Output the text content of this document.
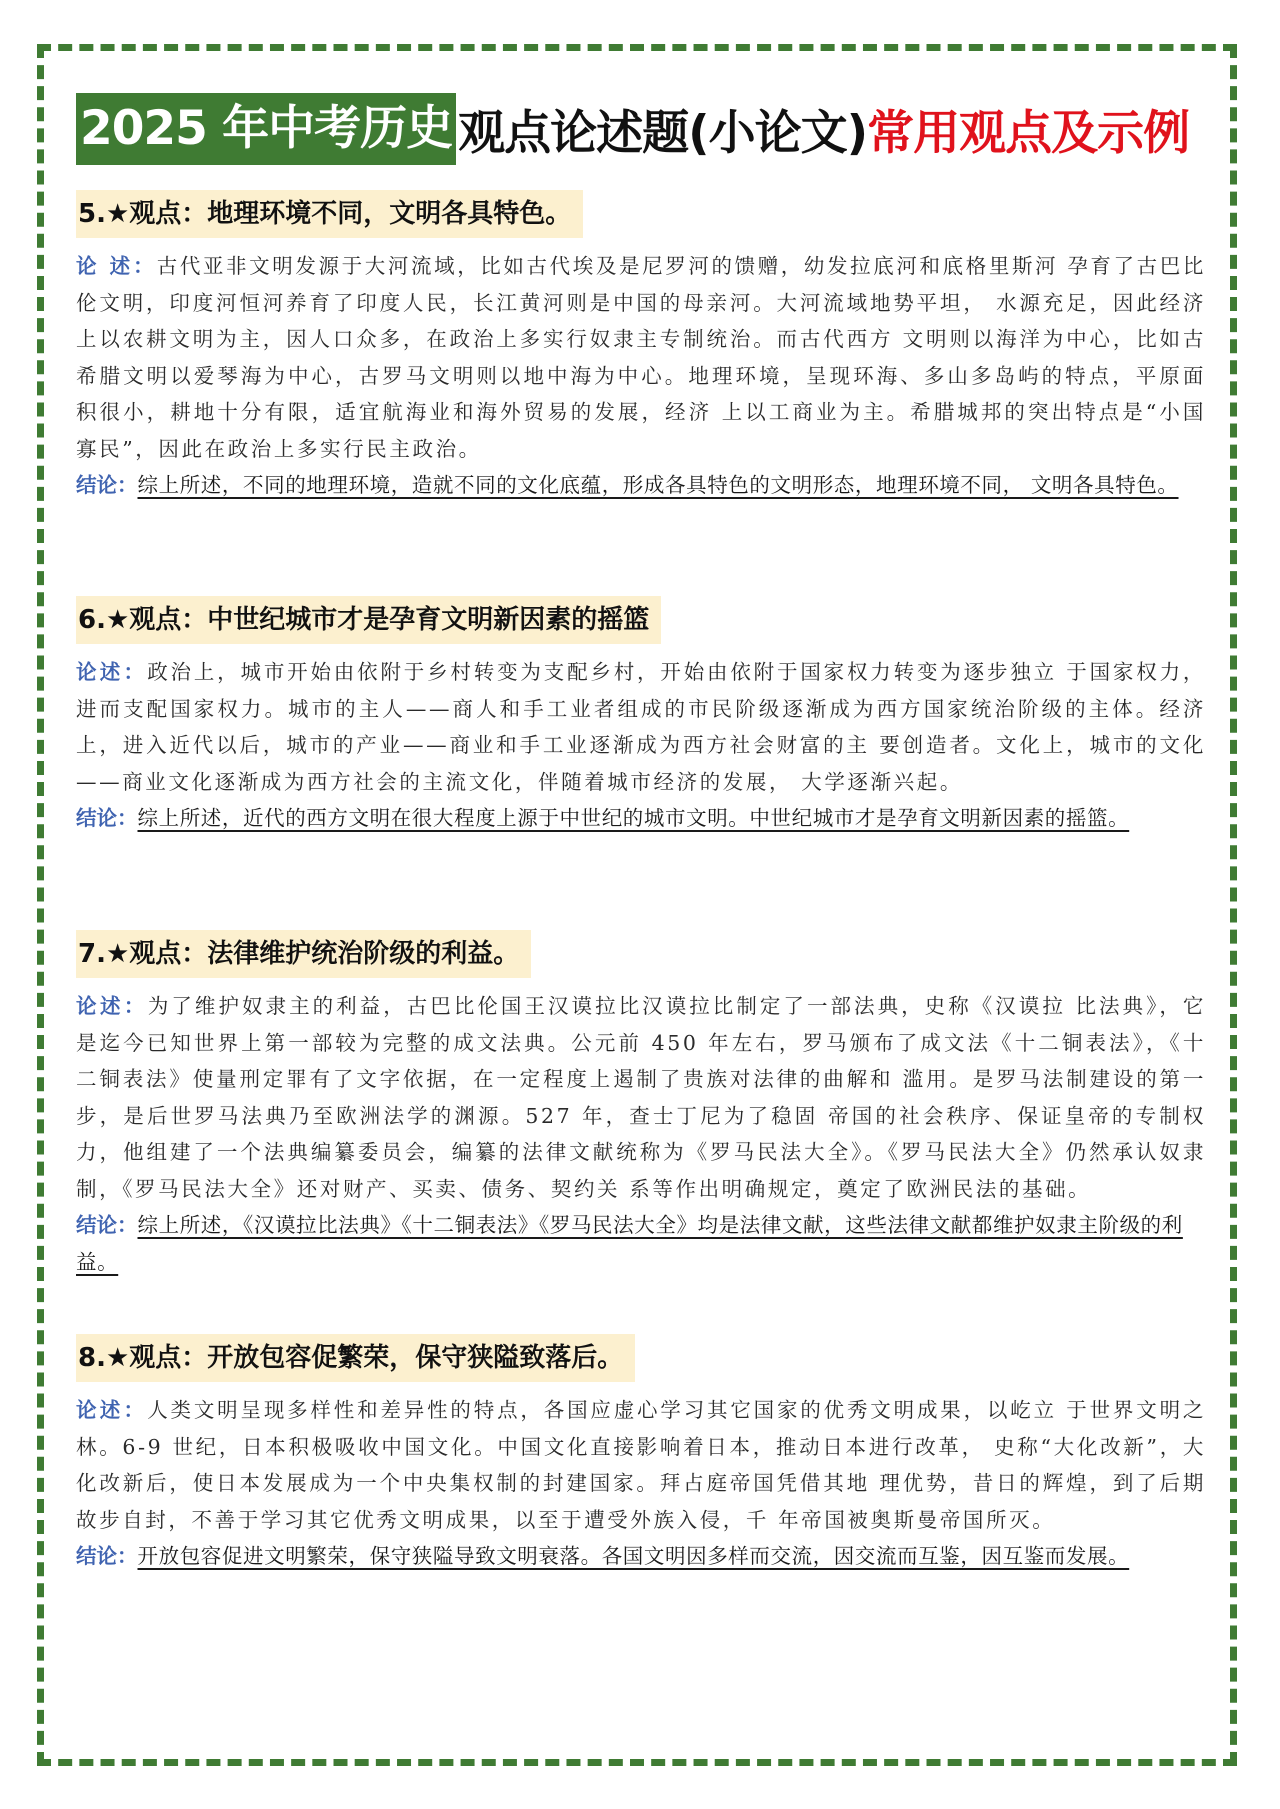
2025 年中考历史 观点论述题(小论文) 常用观点及示例
5.★观点：地理环境不同，文明各具特色。
论 述：古代亚非文明发源于大河流域，比如古代埃及是尼罗河的馈赠，幼发拉底河和底格里斯河 孕育了古巴比伦文明，印度河恒河养育了印度人民，长江黄河则是中国的母亲河。大河流域地势平坦， 水源充足，因此经济上以农耕文明为主，因人口众多，在政治上多实行奴隶主专制统治。而古代西方 文明则以海洋为中心，比如古希腊文明以爱琴海为中心，古罗马文明则以地中海为中心。地理环境，呈现环海、多山多岛屿的特点，平原面积很小，耕地十分有限，适宜航海业和海外贸易的发展，经济 上以工商业为主。希腊城邦的突出特点是“小国寡民”，因此在政治上多实行民主政治。
结论：综上所述，不同的地理环境，造就不同的文化底蕴，形成各具特色的文明形态，地理环境不同， 文明各具特色。
6.★观点：中世纪城市才是孕育文明新因素的摇篮
论述：政治上，城市开始由依附于乡村转变为支配乡村，开始由依附于国家权力转变为逐步独立 于国家权力，进而支配国家权力。城市的主人——商人和手工业者组成的市民阶级逐渐成为西方国家统治阶级的主体。经济上，进入近代以后，城市的产业——商业和手工业逐渐成为西方社会财富的主 要创造者。文化上，城市的文化——商业文化逐渐成为西方社会的主流文化，伴随着城市经济的发展， 大学逐渐兴起。
结论：综上所述，近代的西方文明在很大程度上源于中世纪的城市文明。中世纪城市才是孕育文明新因素的摇篮。
7.★观点：法律维护统治阶级的利益。
论述：为了维护奴隶主的利益，古巴比伦国王汉谟拉比汉谟拉比制定了一部法典，史称《汉谟拉 比法典》，它是迄今已知世界上第一部较为完整的成文法典。公元前 450 年左右，罗马颁布了成文法《十二铜表法》，《十二铜表法》使量刑定罪有了文字依据，在一定程度上遏制了贵族对法律的曲解和 滥用。是罗马法制建设的第一步，是后世罗马法典乃至欧洲法学的渊源。527 年，查士丁尼为了稳固 帝国的社会秩序、保证皇帝的专制权力，他组建了一个法典编纂委员会，编纂的法律文献统称为《罗马民法大全》。《罗马民法大全》仍然承认奴隶制，《罗马民法大全》还对财产、买卖、债务、契约关 系等作出明确规定，奠定了欧洲民法的基础。
结论：综上所述，《汉谟拉比法典》《十二铜表法》《罗马民法大全》均是法律文献，这些法律文献都维护奴隶主阶级的利益。
8.★观点：开放包容促繁荣，保守狭隘致落后。
论述：人类文明呈现多样性和差异性的特点，各国应虚心学习其它国家的优秀文明成果，以屹立 于世界文明之林。6-9 世纪，日本积极吸收中国文化。中国文化直接影响着日本，推动日本进行改革， 史称“大化改新”，大化改新后，使日本发展成为一个中央集权制的封建国家。拜占庭帝国凭借其地 理优势，昔日的辉煌，到了后期故步自封，不善于学习其它优秀文明成果，以至于遭受外族入侵，千 年帝国被奥斯曼帝国所灭。
结论：开放包容促进文明繁荣，保守狭隘导致文明衰落。各国文明因多样而交流，因交流而互鉴，因互鉴而发展。
